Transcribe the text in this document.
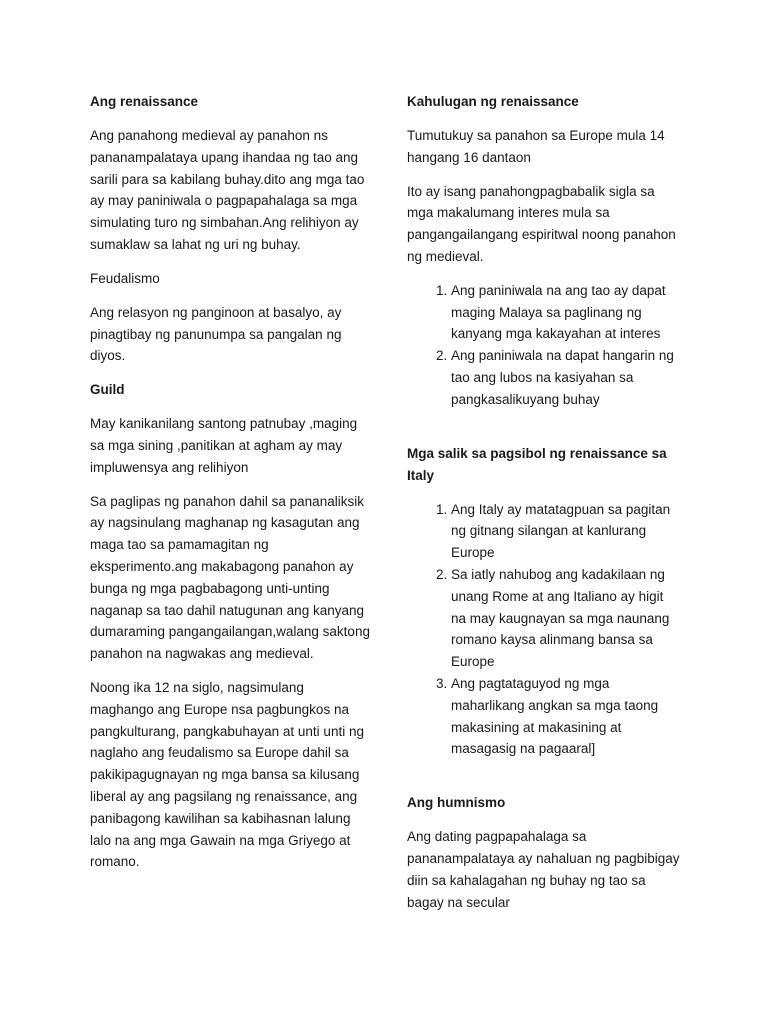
Ang renaissance

Ang panahong medieval ay panahon ns pananampalataya upang ihandaa ng tao ang sarili para sa kabilang buhay.dito ang mga tao ay may paniniwala o pagpapahalaga sa mga simulating turo ng simbahan.Ang relihiyon ay sumaklaw sa lahat ng uri ng buhay.

Feudalismo

Ang relasyon ng panginoon at basalyo, ay pinagtibay ng panunumpa sa pangalan ng diyos.

Guild

May kanikanilang santong patnubay ,maging sa mga sining ,panitikan at agham ay may impluwensya ang relihiyon

Sa paglipas ng panahon dahil sa pananaliksik ay nagsinulang maghanap ng kasagutan ang maga tao sa pamamagitan ng eksperimento.ang makabagong panahon ay bunga ng mga pagbabagong unti-unting naganap sa tao dahil natugunan ang kanyang dumaraming pangangailangan,walang saktong panahon na nagwakas ang medieval.

Noong ika 12 na siglo, nagsimulang maghango ang Europe nsa pagbungkos na pangkulturang, pangkabuhayan at unti unti ng naglaho ang feudalismo sa Europe dahil sa pakikipagugnayan ng mga bansa sa kilusang liberal ay ang pagsilang ng renaissance, ang panibagong kawilihan sa kabihasnan lalung lalo na ang mga Gawain na mga Griyego at romano.

Kahulugan ng renaissance

Tumutukuy sa panahon sa Europe mula 14 hangang 16 dantaon

Ito ay isang panahongpagbabalik sigla sa mga makalumang interes mula sa pangangailangang espiritwal noong panahon ng medieval.

1. Ang paniniwala na ang tao ay dapat maging Malaya sa paglinang ng kanyang mga kakayahan at interes
2. Ang paniniwala na dapat hangarin ng tao ang lubos na kasiyahan sa pangkasalikuyang buhay
Mga salik sa pagsibol ng renaissance sa Italy
1. Ang Italy ay matatagpuan sa pagitan ng gitnang silangan at kanlurang Europe
2. Sa iatly nahubog ang kadakilaan ng unang Rome at ang Italiano ay higit na may kaugnayan sa mga naunang romano kaysa alinmang bansa sa Europe
3. Ang pagtataguyod ng mga maharlikang angkan sa mga taong makasining at makasining at masagasig na pagaaral]
Ang humnismo

Ang dating pagpapahalaga sa pananampalataya ay nahaluan ng pagbibigay diin sa kahalagahan ng buhay ng tao sa bagay na secular
